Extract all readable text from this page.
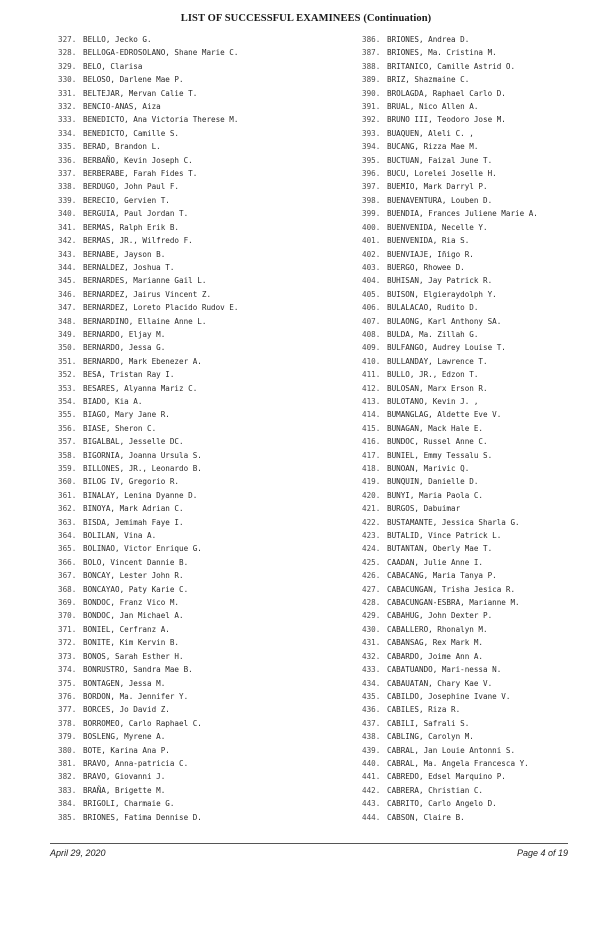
LIST OF SUCCESSFUL EXAMINEES (Continuation)
327. BELLO, Jecko G.
328. BELLOGA-EDROSOLANO, Shane Marie C.
329. BELO, Clarisa
330. BELOSO, Darlene Mae P.
331. BELTEJAR, Mervan Calie T.
332. BENCIO-ANAS, Aiza
333. BENEDICTO, Ana Victoria Therese M.
334. BENEDICTO, Camille S.
335. BERAD, Brandon L.
336. BERBAÑO, Kevin Joseph C.
337. BERBERABE, Farah Fides T.
338. BERDUGO, John Paul F.
339. BERECIO, Gervien T.
340. BERGUIA, Paul Jordan T.
341. BERMAS, Ralph Erik B.
342. BERMAS, JR., Wilfredo F.
343. BERNABE, Jayson B.
344. BERNALDEZ, Joshua T.
345. BERNARDES, Marianne Gail L.
346. BERNARDEZ, Jairus Vincent Z.
347. BERNARDEZ, Loreto Placido Rudov E.
348. BERNARDINO, Ellaine Anne L.
349. BERNARDO, Eljay M.
350. BERNARDO, Jessa G.
351. BERNARDO, Mark Ebenezer A.
352. BESA, Tristan Ray I.
353. BESARES, Alyanna Mariz C.
354. BIADO, Kia A.
355. BIAGO, Mary Jane R.
356. BIASE, Sheron C.
357. BIGALBAL, Jesselle DC.
358. BIGORNIA, Joanna Ursula S.
359. BILLONES, JR., Leonardo B.
360. BILOG IV, Gregorio R.
361. BINALAY, Lenina Dyanne D.
362. BINOYA, Mark Adrian C.
363. BISDA, Jemimah Faye I.
364. BOLILAN, Vina A.
365. BOLINAO, Victor Enrique G.
366. BOLO, Vincent Dannie B.
367. BONCAY, Lester John R.
368. BONCAYAO, Paty Karie C.
369. BONDOC, Franz Vico M.
370. BONDOC, Jan Michael A.
371. BONIEL, Cerfranz A.
372. BONITE, Kim Kervin B.
373. BONOS, Sarah Esther H.
374. BONRUSTRO, Sandra Mae B.
375. BONTAGEN, Jessa M.
376. BORDON, Ma. Jennifer Y.
377. BORCES, Jo David Z.
378. BORROMEO, Carlo Raphael C.
379. BOSLENG, Myrene A.
380. BOTE, Karina Ana P.
381. BRAVO, Anna-patricia C.
382. BRAVO, Giovanni J.
383. BRAÑA, Brigette M.
384. BRIGOLI, Charmaie G.
385. BRIONES, Fatima Dennise D.
386. BRIONES, Andrea D.
387. BRIONES, Ma. Cristina M.
388. BRITANICO, Camille Astrid O.
389. BRIZ, Shazmaine C.
390. BROLAGDA, Raphael Carlo D.
391. BRUAL, Nico Allen A.
392. BRUNO III, Teodoro Jose M.
393. BUAQUEN, Aleli C. ,
394. BUCANG, Rizza Mae M.
395. BUCTUAN, Faizal June T.
396. BUCU, Lorelei Joselle H.
397. BUEMIO, Mark Darryl P.
398. BUENAVENTURA, Louben D.
399. BUENDIA, Frances Juliene Marie A.
400. BUENVENIDA, Necelle Y.
401. BUENVENIDA, Ria S.
402. BUENVIAJE, Iñigo R.
403. BUERGO, Rhowee D.
404. BUHISAN, Jay Patrick R.
405. BUISON, Elgieraydolph Y.
406. BULALACAO, Rudito D.
407. BULAONG, Karl Anthony SA.
408. BULDA, Ma. Zillah G.
409. BULFANGO, Audrey Louise T.
410. BULLANDAY, Lawrence T.
411. BULLO, JR., Edzon T.
412. BULOSAN, Marx Erson R.
413. BULOTANO, Kevin J. ,
414. BUMANGLAG, Aldette Eve V.
415. BUNAGAN, Mack Hale E.
416. BUNDOC, Russel Anne C.
417. BUNIEL, Emmy Tessalu S.
418. BUNOAN, Marivic Q.
419. BUNQUIN, Danielle D.
420. BUNYI, Maria Paola C.
421. BURGOS, Dabuimar
422. BUSTAMANTE, Jessica Sharla G.
423. BUTALID, Vince Patrick L.
424. BUTANTAN, Oberly Mae T.
425. CAADAN, Julie Anne I.
426. CABACANG, Maria Tanya P.
427. CABACUNGAN, Trisha Jesica R.
428. CABACUNGAN-ESBRA, Marianne M.
429. CABAHUG, John Dexter P.
430. CABALLERO, Rhonalyn M.
431. CABANSAG, Rex Mark M.
432. CABARDO, Joime Ann A.
433. CABATUANDO, Mari-nessa N.
434. CABAUATAN, Chary Kae V.
435. CABILDO, Josephine Ivane V.
436. CABILES, Riza R.
437. CABILI, Safrali S.
438. CABLING, Carolyn M.
439. CABRAL, Jan Louie Antonni S.
440. CABRAL, Ma. Angela Francesca Y.
441. CABREDO, Edsel Marquino P.
442. CABRERA, Christian C.
443. CABRITO, Carlo Angelo D.
444. CABSON, Claire B.
April 29, 2020	Page 4 of 19
